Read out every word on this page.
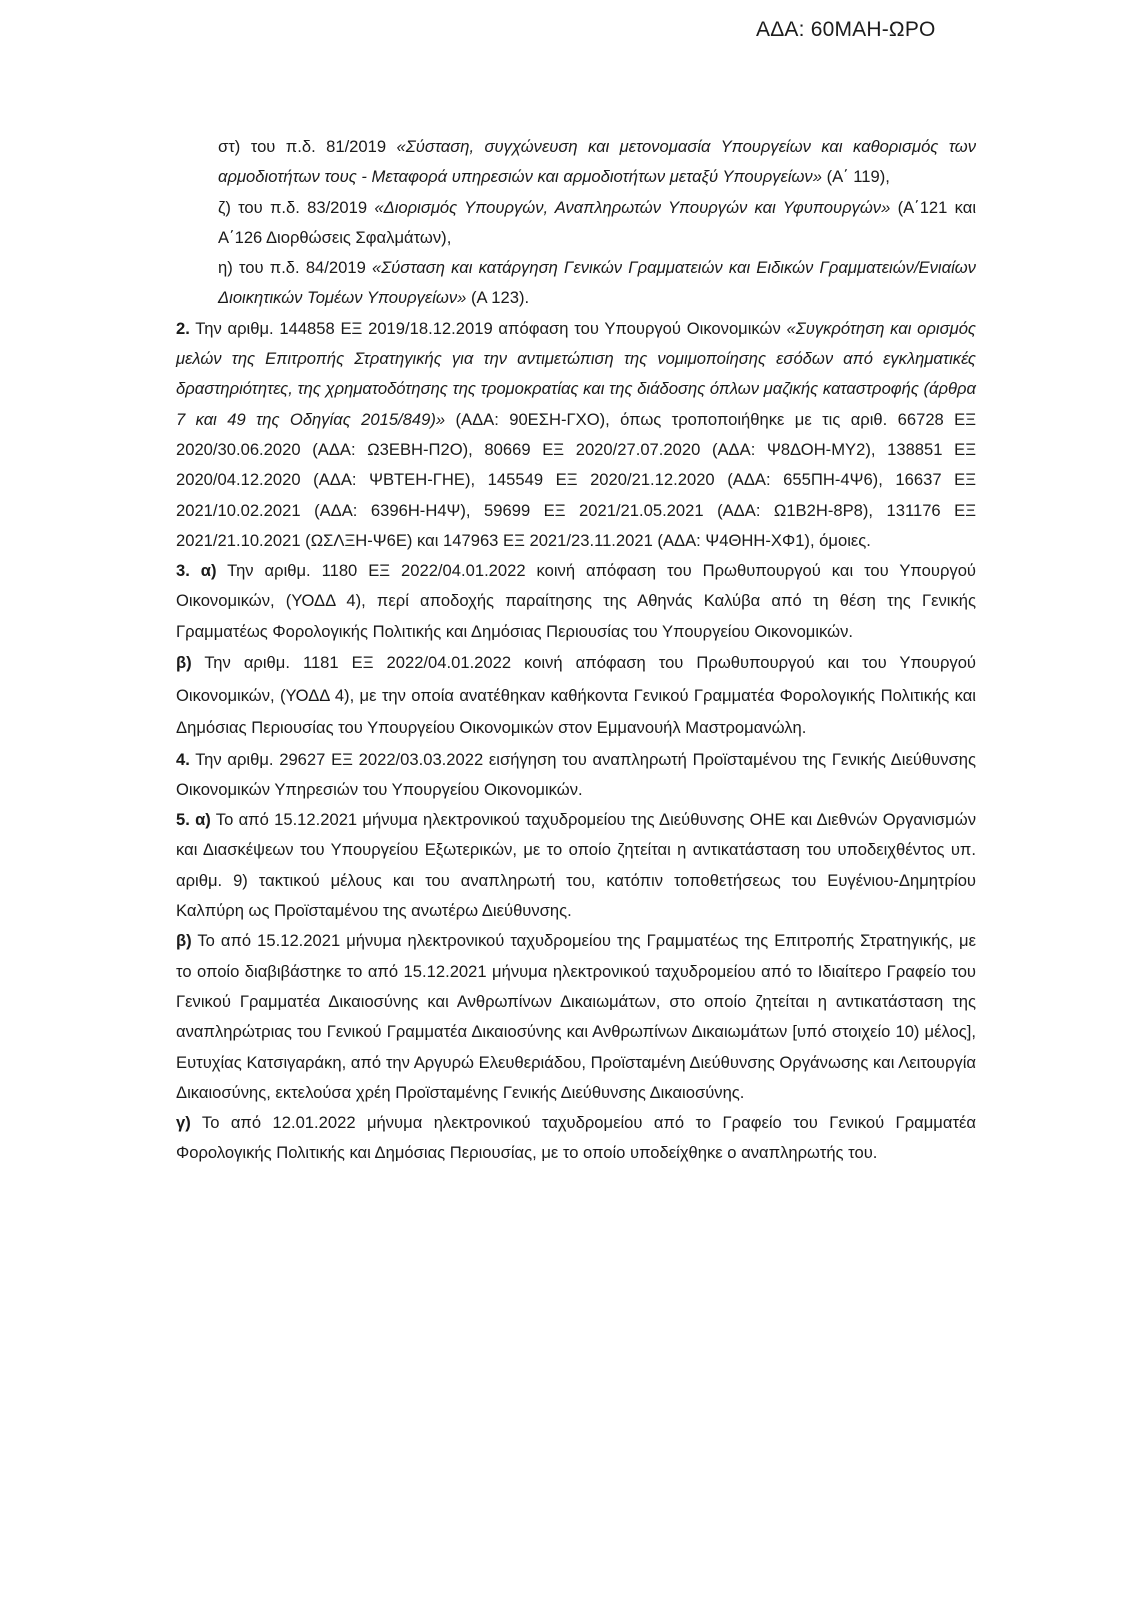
ΑΔΑ: 60ΜΑΗ-ΩΡΟ

στ) του π.δ. 81/2019 «Σύσταση, συγχώνευση και μετονομασία Υπουργείων και καθορισμός των αρμοδιοτήτων τους - Μεταφορά υπηρεσιών και αρμοδιοτήτων μεταξύ Υπουργείων» (Α΄ 119),

ζ) του π.δ. 83/2019 «Διορισμός Υπουργών, Αναπληρωτών Υπουργών και Υφυπουργών» (Α΄121 και Α΄126 Διορθώσεις Σφαλμάτων),

η) του π.δ. 84/2019 «Σύσταση και κατάργηση Γενικών Γραμματειών και Ειδικών Γραμματειών/Ενιαίων Διοικητικών Τομέων Υπουργείων» (Α 123).

2. Την αριθμ. 144858 ΕΞ 2019/18.12.2019 απόφαση του Υπουργού Οικονομικών «Συγκρότηση και ορισμός μελών της Επιτροπής Στρατηγικής για την αντιμετώπιση της νομιμοποίησης εσόδων από εγκληματικές δραστηριότητες, της χρηματοδότησης της τρομοκρατίας και της διάδοσης όπλων μαζικής καταστροφής (άρθρα 7 και 49 της Οδηγίας 2015/849)» (ΑΔΑ: 90ΕΣΗ-ΓΧΟ), όπως τροποποιήθηκε με τις αριθ. 66728 ΕΞ 2020/30.06.2020 (ΑΔΑ: Ω3ΕΒΗ-Π2Ο), 80669 ΕΞ 2020/27.07.2020 (ΑΔΑ: Ψ8ΔΟΗ-ΜΥ2), 138851 ΕΞ 2020/04.12.2020 (ΑΔΑ: ΨΒΤΕΗ-ΓΗΕ), 145549 ΕΞ 2020/21.12.2020 (ΑΔΑ: 655ΠΗ-4Ψ6), 16637 ΕΞ 2021/10.02.2021 (ΑΔΑ: 6396Η-Η4Ψ), 59699 ΕΞ 2021/21.05.2021 (ΑΔΑ: Ω1Β2Η-8Ρ8), 131176 ΕΞ 2021/21.10.2021 (ΩΣΛΞΗ-Ψ6Ε) και 147963 ΕΞ 2021/23.11.2021 (ΑΔΑ: Ψ4ΘΗΗ-ΧΦ1), όμοιες.

3. α) Την αριθμ. 1180 ΕΞ 2022/04.01.2022 κοινή απόφαση του Πρωθυπουργού και του Υπουργού Οικονομικών, (ΥΟΔΔ 4), περί αποδοχής παραίτησης της Αθηνάς Καλύβα από τη θέση της Γενικής Γραμματέως Φορολογικής Πολιτικής και Δημόσιας Περιουσίας του Υπουργείου Οικονομικών.

β) Την αριθμ. 1181 ΕΞ 2022/04.01.2022 κοινή απόφαση του Πρωθυπουργού και του Υπουργού Οικονομικών, (ΥΟΔΔ 4), με την οποία ανατέθηκαν καθήκοντα Γενικού Γραμματέα Φορολογικής Πολιτικής και Δημόσιας Περιουσίας του Υπουργείου Οικονομικών στον Εμμανουήλ Μαστρομανώλη.

4. Την αριθμ. 29627 ΕΞ 2022/03.03.2022 εισήγηση του αναπληρωτή Προϊσταμένου της Γενικής Διεύθυνσης Οικονομικών Υπηρεσιών του Υπουργείου Οικονομικών.

5. α) Το από 15.12.2021 μήνυμα ηλεκτρονικού ταχυδρομείου της Διεύθυνσης ΟΗΕ και Διεθνών Οργανισμών και Διασκέψεων του Υπουργείου Εξωτερικών, με το οποίο ζητείται η αντικατάσταση του υποδειχθέντος υπ. αριθμ. 9) τακτικού μέλους και του αναπληρωτή του, κατόπιν τοποθετήσεως του Ευγένιου-Δημητρίου Καλπύρη ως Προϊσταμένου της ανωτέρω Διεύθυνσης.

β) Το από 15.12.2021 μήνυμα ηλεκτρονικού ταχυδρομείου της Γραμματέως της Επιτροπής Στρατηγικής, με το οποίο διαβιβάστηκε το από 15.12.2021 μήνυμα ηλεκτρονικού ταχυδρομείου από το Ιδιαίτερο Γραφείο του Γενικού Γραμματέα Δικαιοσύνης και Ανθρωπίνων Δικαιωμάτων, στο οποίο ζητείται η αντικατάσταση της αναπληρώτριας του Γενικού Γραμματέα Δικαιοσύνης και Ανθρωπίνων Δικαιωμάτων [υπό στοιχείο 10) μέλος], Ευτυχίας Κατσιγαράκη, από την Αργυρώ Ελευθεριάδου, Προϊσταμένη Διεύθυνσης Οργάνωσης και Λειτουργία Δικαιοσύνης, εκτελούσα χρέη Προϊσταμένης Γενικής Διεύθυνσης Δικαιοσύνης.

γ) Το από 12.01.2022 μήνυμα ηλεκτρονικού ταχυδρομείου από το Γραφείο του Γενικού Γραμματέα Φορολογικής Πολιτικής και Δημόσιας Περιουσίας, με το οποίο υποδείχθηκε ο αναπληρωτής του.
